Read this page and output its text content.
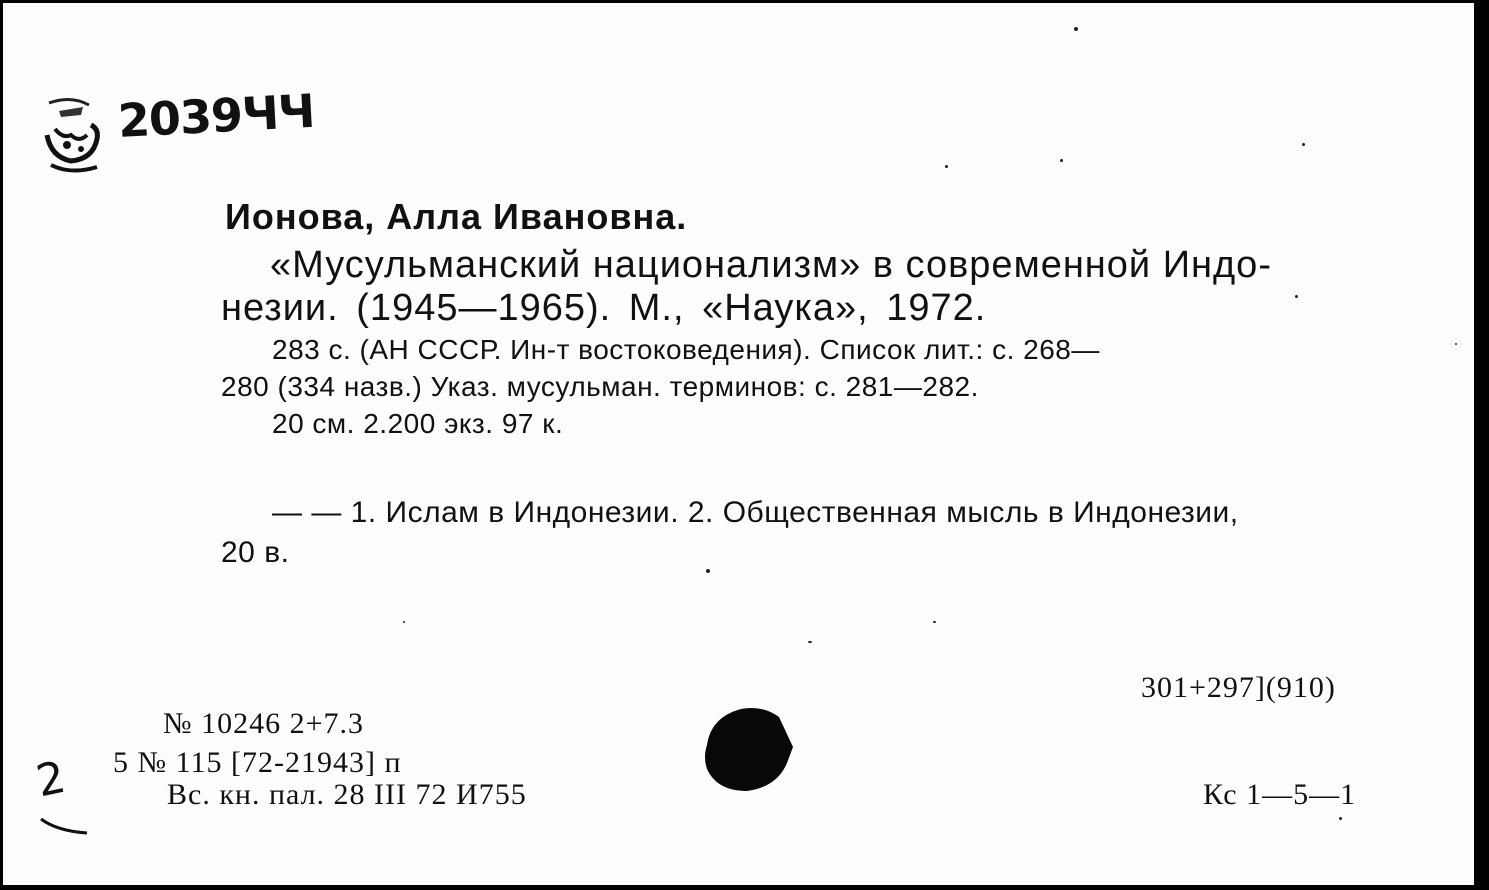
2039ЧЧ
Ионова, Алла Ивановна.
«Мусульманский национализм» в современной Индо-
незии. (1945—1965). М., «Наука», 1972.
283 с. (АН СССР. Ин-т востоковедения). Список лит.: с. 268—
280 (334 назв.) Указ. мусульман. терминов: с. 281—282.
20 см. 2.200 экз. 97 к.
— — 1. Ислам в Индонезии. 2. Общественная мысль в Индонезии,
20 в.
301+297](910)
№ 10246 2+7.3
5 № 115 [72-21943] п
Вс. кн. пал. 28 III 72 И755	Кс 1—5—1
2
